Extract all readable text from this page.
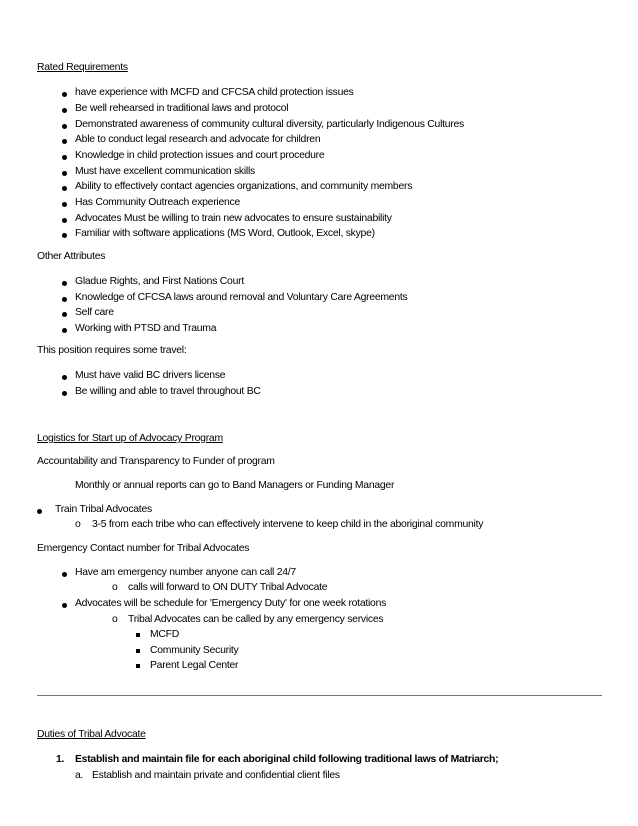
Rated Requirements
have experience with MCFD and CFCSA child protection issues
Be well rehearsed in traditional laws and protocol
Demonstrated awareness of community cultural diversity, particularly Indigenous Cultures
Able to conduct legal research and advocate for children
Knowledge in child protection issues and court procedure
Must have excellent communication skills
Ability to effectively contact agencies organizations, and community members
Has Community Outreach experience
Advocates Must be willing to train new advocates to ensure sustainability
Familiar with software applications (MS Word, Outlook, Excel, skype)
Other Attributes
Gladue Rights, and First Nations Court
Knowledge of CFCSA laws around removal and Voluntary Care Agreements
Self care
Working with PTSD and Trauma
This position requires some travel:
Must have valid BC drivers license
Be willing and able to travel throughout BC
Logistics for Start up of Advocacy Program
Accountability and Transparency to Funder of program
Monthly or annual reports can go to Band Managers or Funding Manager
Train Tribal Advocates
o 3-5 from each tribe who can effectively intervene to keep child in the aboriginal community
Emergency Contact number for Tribal Advocates
Have am emergency number anyone can call 24/7
o calls will forward to ON DUTY Tribal Advocate
Advocates will be schedule for 'Emergency Duty' for one week rotations
o Tribal Advocates can be called by any emergency services
MCFD
Community Security
Parent Legal Center
Duties of Tribal Advocate
1. Establish and maintain file for each aboriginal child following traditional laws of Matriarch;
a. Establish and maintain private and confidential client files
